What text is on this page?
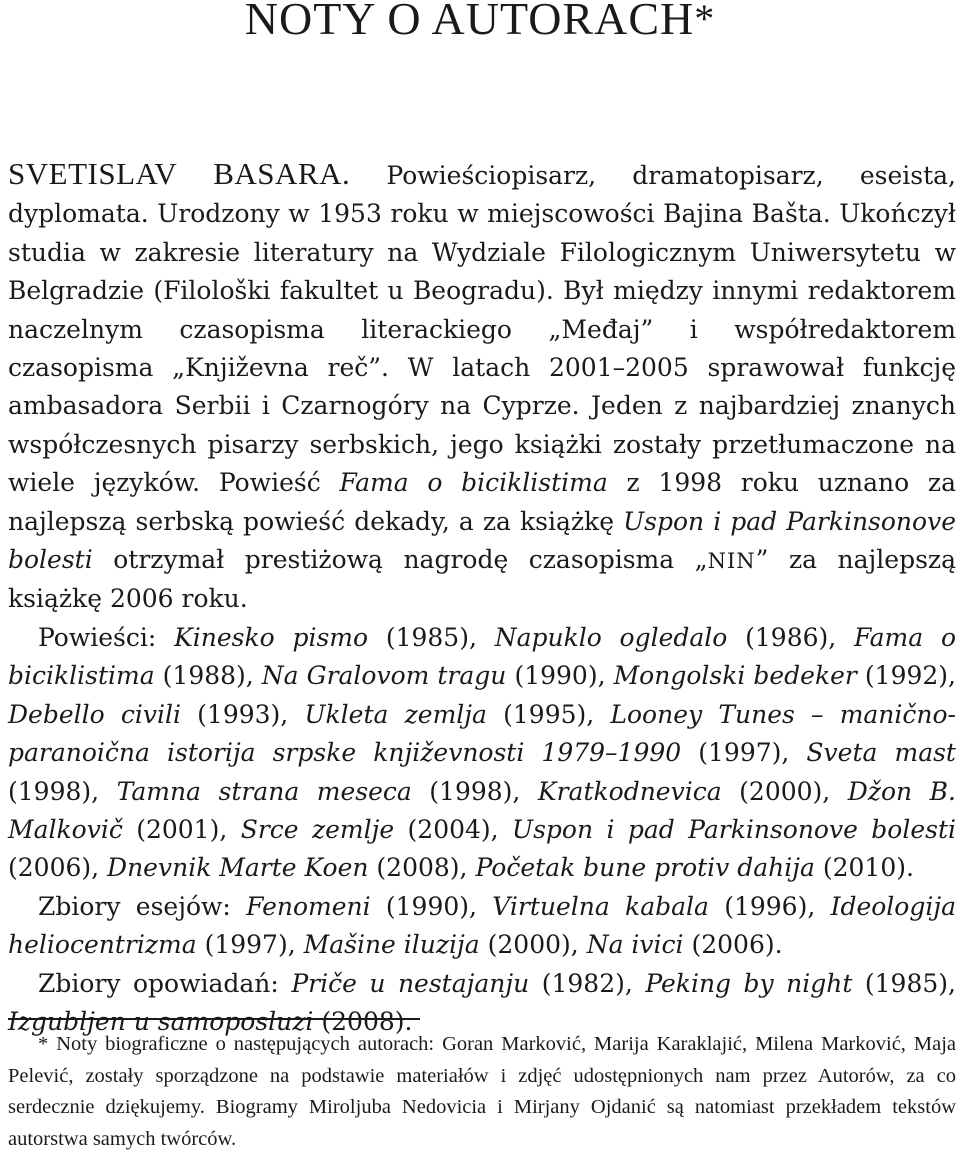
NOTY O AUTORACH*

SVETISLAV BASARA. Powieściopisarz, dramatopisarz, eseista, dyplomata. Urodzony w 1953 roku w miejscowości Bajina Bašta. Ukończył studia w zakresie literatury na Wydziale Filologicznym Uniwersytetu w Belgradzie (Filološki fakultet u Beogradu). Był między innymi redaktorem naczelnym czasopisma literackiego „Međaj” i współredaktorem czasopisma „Književna reč”. W latach 2001–2005 sprawował funkcję ambasadora Serbii i Czarnogóry na Cyprze. Jeden z najbardziej znanych współczesnych pisarzy serbskich, jego książki zostały przetłumaczone na wiele języków. Powieść Fama o biciklistima z 1998 roku uznano za najlepszą serbską powieść dekady, a za książkę Uspon i pad Parkinsonove bolesti otrzymał prestiżową nagrodę czasopisma „NIN” za najlepszą książkę 2006 roku.

Powieści: Kinesko pismo (1985), Napuklo ogledalo (1986), Fama o biciklistima (1988), Na Gralovom tragu (1990), Mongolski bedeker (1992), Debello civili (1993), Ukleta zemlja (1995), Looney Tunes – manično-paranoična istorija srpske književnosti 1979–1990 (1997), Sveta mast (1998), Tamna strana meseca (1998), Kratkodnevica (2000), Džon B. Malkovič (2001), Srce zemlje (2004), Uspon i pad Parkinsonove bolesti (2006), Dnevnik Marte Koen (2008), Početak bune protiv dahija (2010).

Zbiory esejów: Fenomeni (1990), Virtuelna kabala (1996), Ideologija heliocentrizma (1997), Mašine iluzija (2000), Na ivici (2006).

Zbiory opowiadań: Priče u nestajanju (1982), Peking by night (1985), Izgubljen u samoposluzi (2008).

* Noty biograficzne o następujących autorach: Goran Marković, Marija Karaklajić, Milena Marković, Maja Pelević, zostały sporządzone na podstawie materiałów i zdjęć udostępnionych nam przez Autorów, za co serdecznie dziękujemy. Biogramy Miroljuba Nedovicia i Mirjany Ojdanić są natomiast przekładem tekstów autorstwa samych twórców.
